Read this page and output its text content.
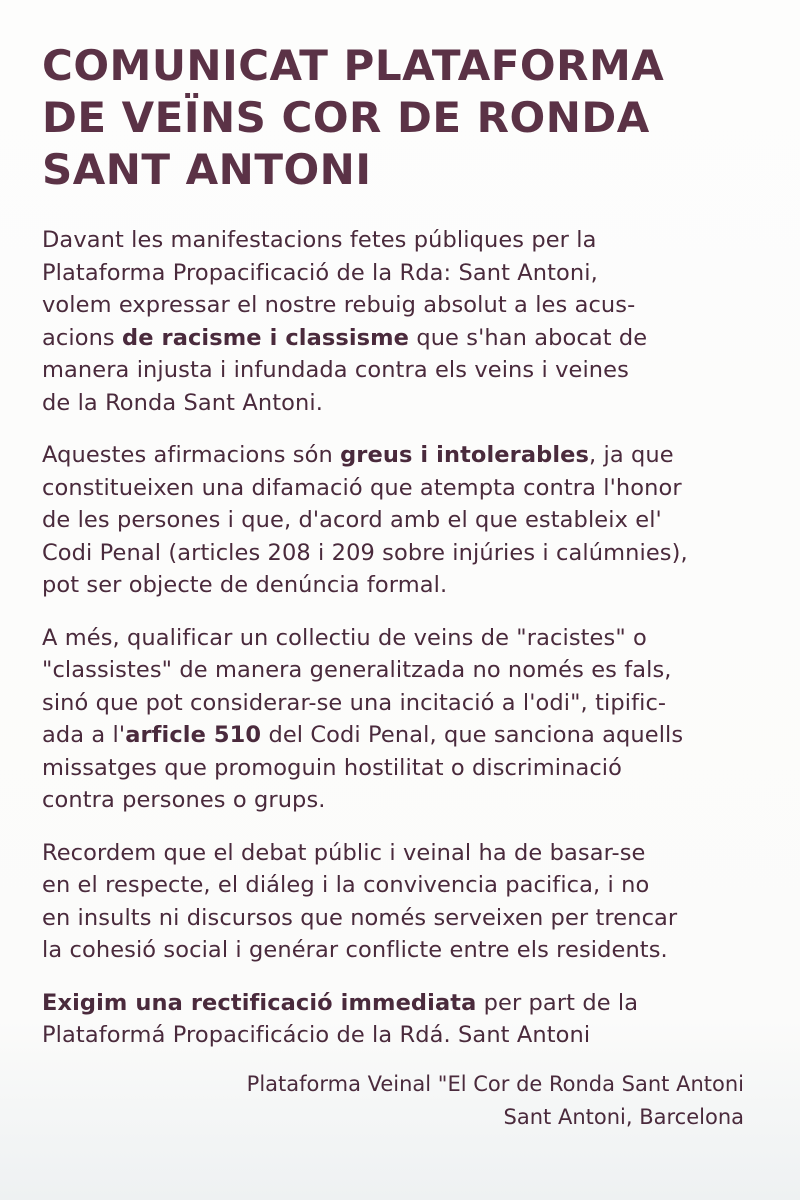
COMUNICAT PLATAFORMA
DE VEÏNS COR DE RONDA
SANT ANTONI

Davant les manifestacions fetes públiques per la
Plataforma Propacificació de la Rda: Sant Antoni,
volem expressar el nostre rebuig absolut a les acus-
acions de racisme i classisme que s'han abocat de
manera injusta i infundada contra els veins i veines
de la Ronda Sant Antoni.

Aquestes afirmacions són greus i intolerables, ja que
constitueixen una difamació que atempta contra l'honor
de les persones i que, d'acord amb el que estableix el'
Codi Penal (articles 208 i 209 sobre injúries i calúmnies),
pot ser objecte de denúncia formal.

A més, qualificar un collectiu de veins de "racistes" o
"classistes" de manera generalitzada no només es fals,
sinó que pot considerar-se una incitació a l'odi", tipific-
ada a l'arficle 510 del Codi Penal, que sanciona aquells
missatges que promoguin hostilitat o discriminació
contra persones o grups.

Recordem que el debat públic i veinal ha de basar-se
en el respecte, el diáleg i la convivencia pacifica, i no
en insults ni discursos que només serveixen per trencar
la cohesió social i genérar conflicte entre els residents.

Exigim una rectificació immediata per part de la
Plataformá Propacificácio de la Rdá. Sant Antoni

Plataforma Veinal "El Cor de Ronda Sant Antoni
Sant Antoni, Barcelona
